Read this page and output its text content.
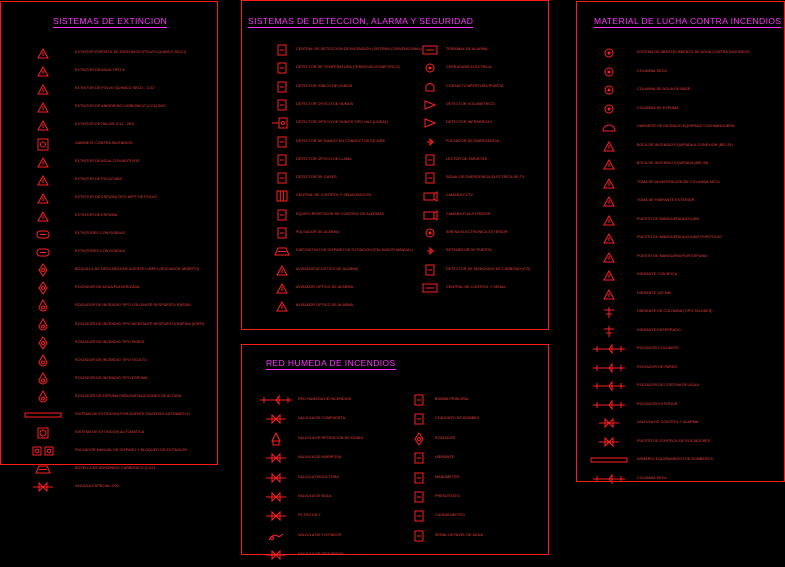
SISTEMAS DE EXTINCION
EXTINTOR PORTATIL DE INCENDIOS (POLVO QUIMICO SECO)
EXTINTOR DE AGUA TIPO A
EXTINTOR DE POLVO QUIMICO SECO - CO2
EXTINTOR DE ANHIDRIDO CARBONICO (CO2) 5KG
EXTINTOR DE HALON 1211 - 2KG
GABINETE CONTRA INCENDIOS
EXTINTOR DE AGUA CON ADITIVOS
EXTINTOR DE POLVO ABC
EXTINTOR DE ESPUMA TIPO AFFF DE POLVO
EXTINTOR DE ESPUMA
EXTINTORES CON RUEDAS
EXTINTORES CON RUEDAS
BOQUILLA DE DESCARGA DE AGENTE LIMPIO (ROCIADOR ABIERTO)
ROCIADOR DE AGUA PULVERIZADA
ROCIADOR DE INCENDIO TIPO COLGANTE RESPUESTA RAPIDA
ROCIADOR DE INCENDIO TIPO MONTANTE RESPUESTA RAPIDA (ESFR)
ROCIADOR DE INCENDIO TIPO PARED
ROCIADOR DE INCENDIO TIPO OCULTO
ROCIADOR DE INCENDIO TIPO ESPUMA
ROCIADOR DE ESPUMA PARA INSTALACIONES DE ALTURA
SISTEMA DE EXTINCION POR AGENTE GASEOSO AUTOMATICO
SISTEMA DE EXTINCION AUTOMATICA
PULSADOR MANUAL DE DISPARO Y BLOQUEO DE EXTINCION
BOTELLA DE ANHIDRIDO CARBONICO (CO2)
VALVULA ESPECIAL CO2
SISTEMAS DE DETECCION, ALARMA Y SEGURIDAD
CENTRAL DE DETECCION DE INCENDIOS (SISTEMA CONVENCIONAL)
DETECTOR DE TEMPERATURA (TERMOVELOCIMETRICO)
DETECTOR IONICO DE HUMOS
DETECTOR OPTICO DE HUMOS
DETECTOR OPTICO DE HUMOS TIPO HAZ (LINEAL)
DETECTOR DE HUMOS EN CONDUCTOS DE AIRE
DETECTOR OPTICO DE LLAMA
DETECTOR DE GASES
CENTRAL DE CONTROL Y SENALIZACION
EQUIPO REPETIDOR DE CONTROL DE ALARMAS
PULSADOR DE ALARMA
DISPOSITIVO DE DISPARO DE EXTINCION (PULSADOR MANUAL)
AVISADOR ACUSTICO DE ALARMA
AVISADOR OPTICO DE ALARMA
AVISADOR OPTICO DE ALARMA
TERMINAL DE ALARMA
CERRADURA ELECTRICA
CONTACTO APERTURA PUERTA
DETECTOR VOLUMETRICO
DETECTOR INFRARROJO
PULSADOR DE EMERGENCIA
LECTOR DE TARJETAS
SENAL DE EMERGENCIA ELECTRICA DE TV
CAMARA CCTV
CAMARA FIJA EXTERIOR
SIRENA ELECTRONICA EXTERIOR
RETENEDOR DE PUERTA
DETECTOR DE MONOXIDO DE CARBONO (CO)
CENTRAL DE CONTROL Y SENAL
RED HUMEDA DE INCENDIOS
RED HUMEDA DE INCENDIOS
VALVULA DE COMPUERTA
VALVULA DE RETENCION DE DOBLE
VALVULA DE MARIPOSA
VALVULA REDUCTORA
VALVULA DE BOLA
FILTRO EN Y
VALVULA DE FLOTADOR
VALVULA DE SEGURIDAD
BOMBA PRINCIPAL
CONJUNTO DE BOMBEO
ROCIADOR
HIDRANTE
MANOMETRO
PRESOSTATO
CAUDALIMETRO
SENAL DE NIVEL DE AGUA
MATERIAL DE LUCHA CONTRA INCENDIOS
SISTEMA DE ABASTECIMIENTO DE AGUA CONTRA INCENDIOS
COLUMNA SECA
COLUMNA DE AGUA DE BASE
COLUMNA DE ESPUMA
GABINETE DE INCENDIO EQUIPADO CON MANGUERA
BOCA DE INCENDIO EQUIPADA A CONEXION (BIE-25)
BOCA DE INCENDIO EQUIPADA (BIE-45)
TOMA DE ALIMENTACION DE COLUMNA SECA
TOMA DE HIDRANTE EXTERIOR
PUESTO DE MANGUERA AUXILIAR
PUESTO DE MANGUERA AUXILIAR POR POLVO
PUESTO DE MANGUERA POR ESPUMA
HIDRANTE CON BOCA
HIDRANTE 100 MM
HIDRANTE DE COLUMNA (TIPO TALUDES)
HIDRANTE ENTERRADO
ROCIADOR COLGANTE
ROCIADOR DE PARED
ROCIADOR DE CORTINA DE AGUA
ROCIADOR EXTERIOR
VALVULA DE CONTROL Y ALARMA
PUESTO DE CONTROL DE ROCIADORES
ARMARIO EQUIPAMIENTO DE BOMBEROS
COLUMNA SECA
